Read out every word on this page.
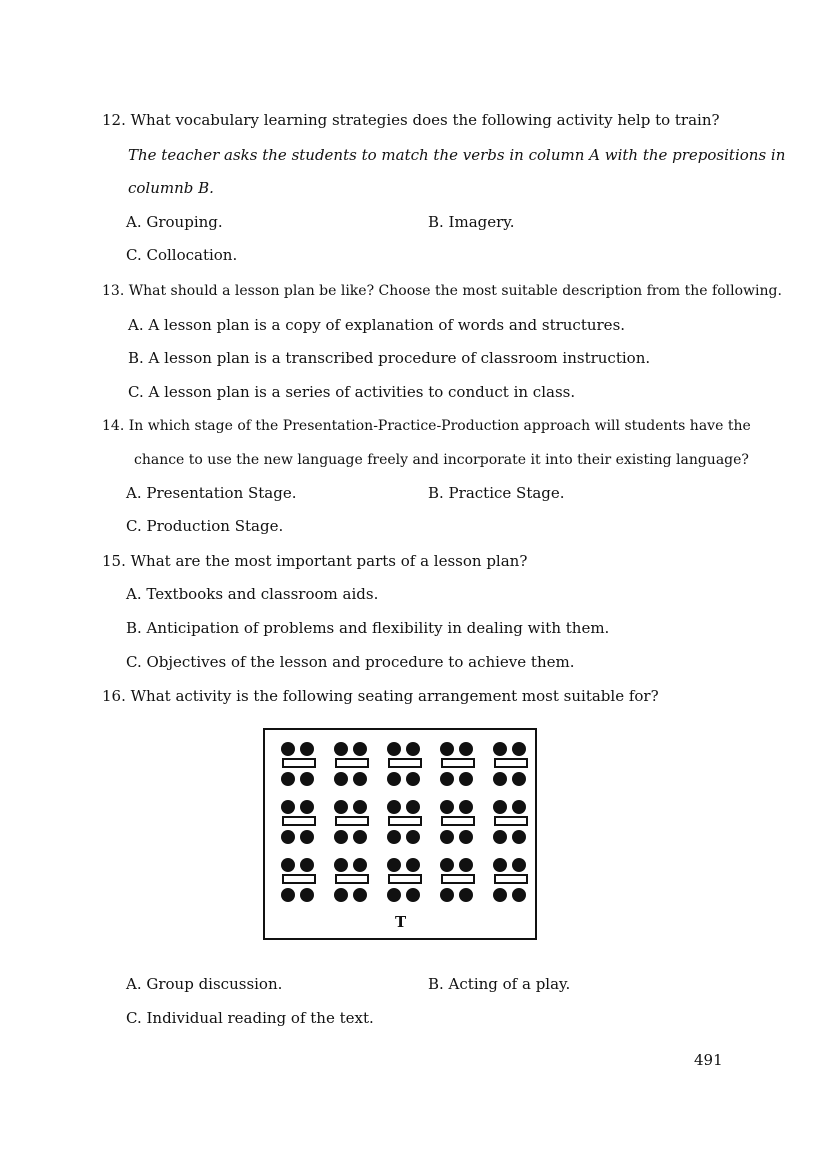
12. What vocabulary learning strategies does the following activity help to train?
The teacher asks the students to match the verbs in column A with the prepositions in
columnb B.
A. Grouping.	B. Imagery.
C. Collocation.
13. What should a lesson plan be like? Choose the most suitable description from the following.
A. A lesson plan is a copy of explanation of words and structures.
B. A lesson plan is a transcribed procedure of classroom instruction.
C. A lesson plan is a series of activities to conduct in class.
14. In which stage of the Presentation-Practice-Production approach will students have the
chance to use the new language freely and incorporate it into their existing language?
A. Presentation Stage.	B. Practice Stage.
C. Production Stage.
15. What are the most important parts of a lesson plan?
A. Textbooks and classroom aids.
B. Anticipation of problems and flexibility in dealing with them.
C. Objectives of the lesson and procedure to achieve them.
16. What activity is the following seating arrangement most suitable for?
T
A. Group discussion.	B. Acting of a play.
C. Individual reading of the text.
491
